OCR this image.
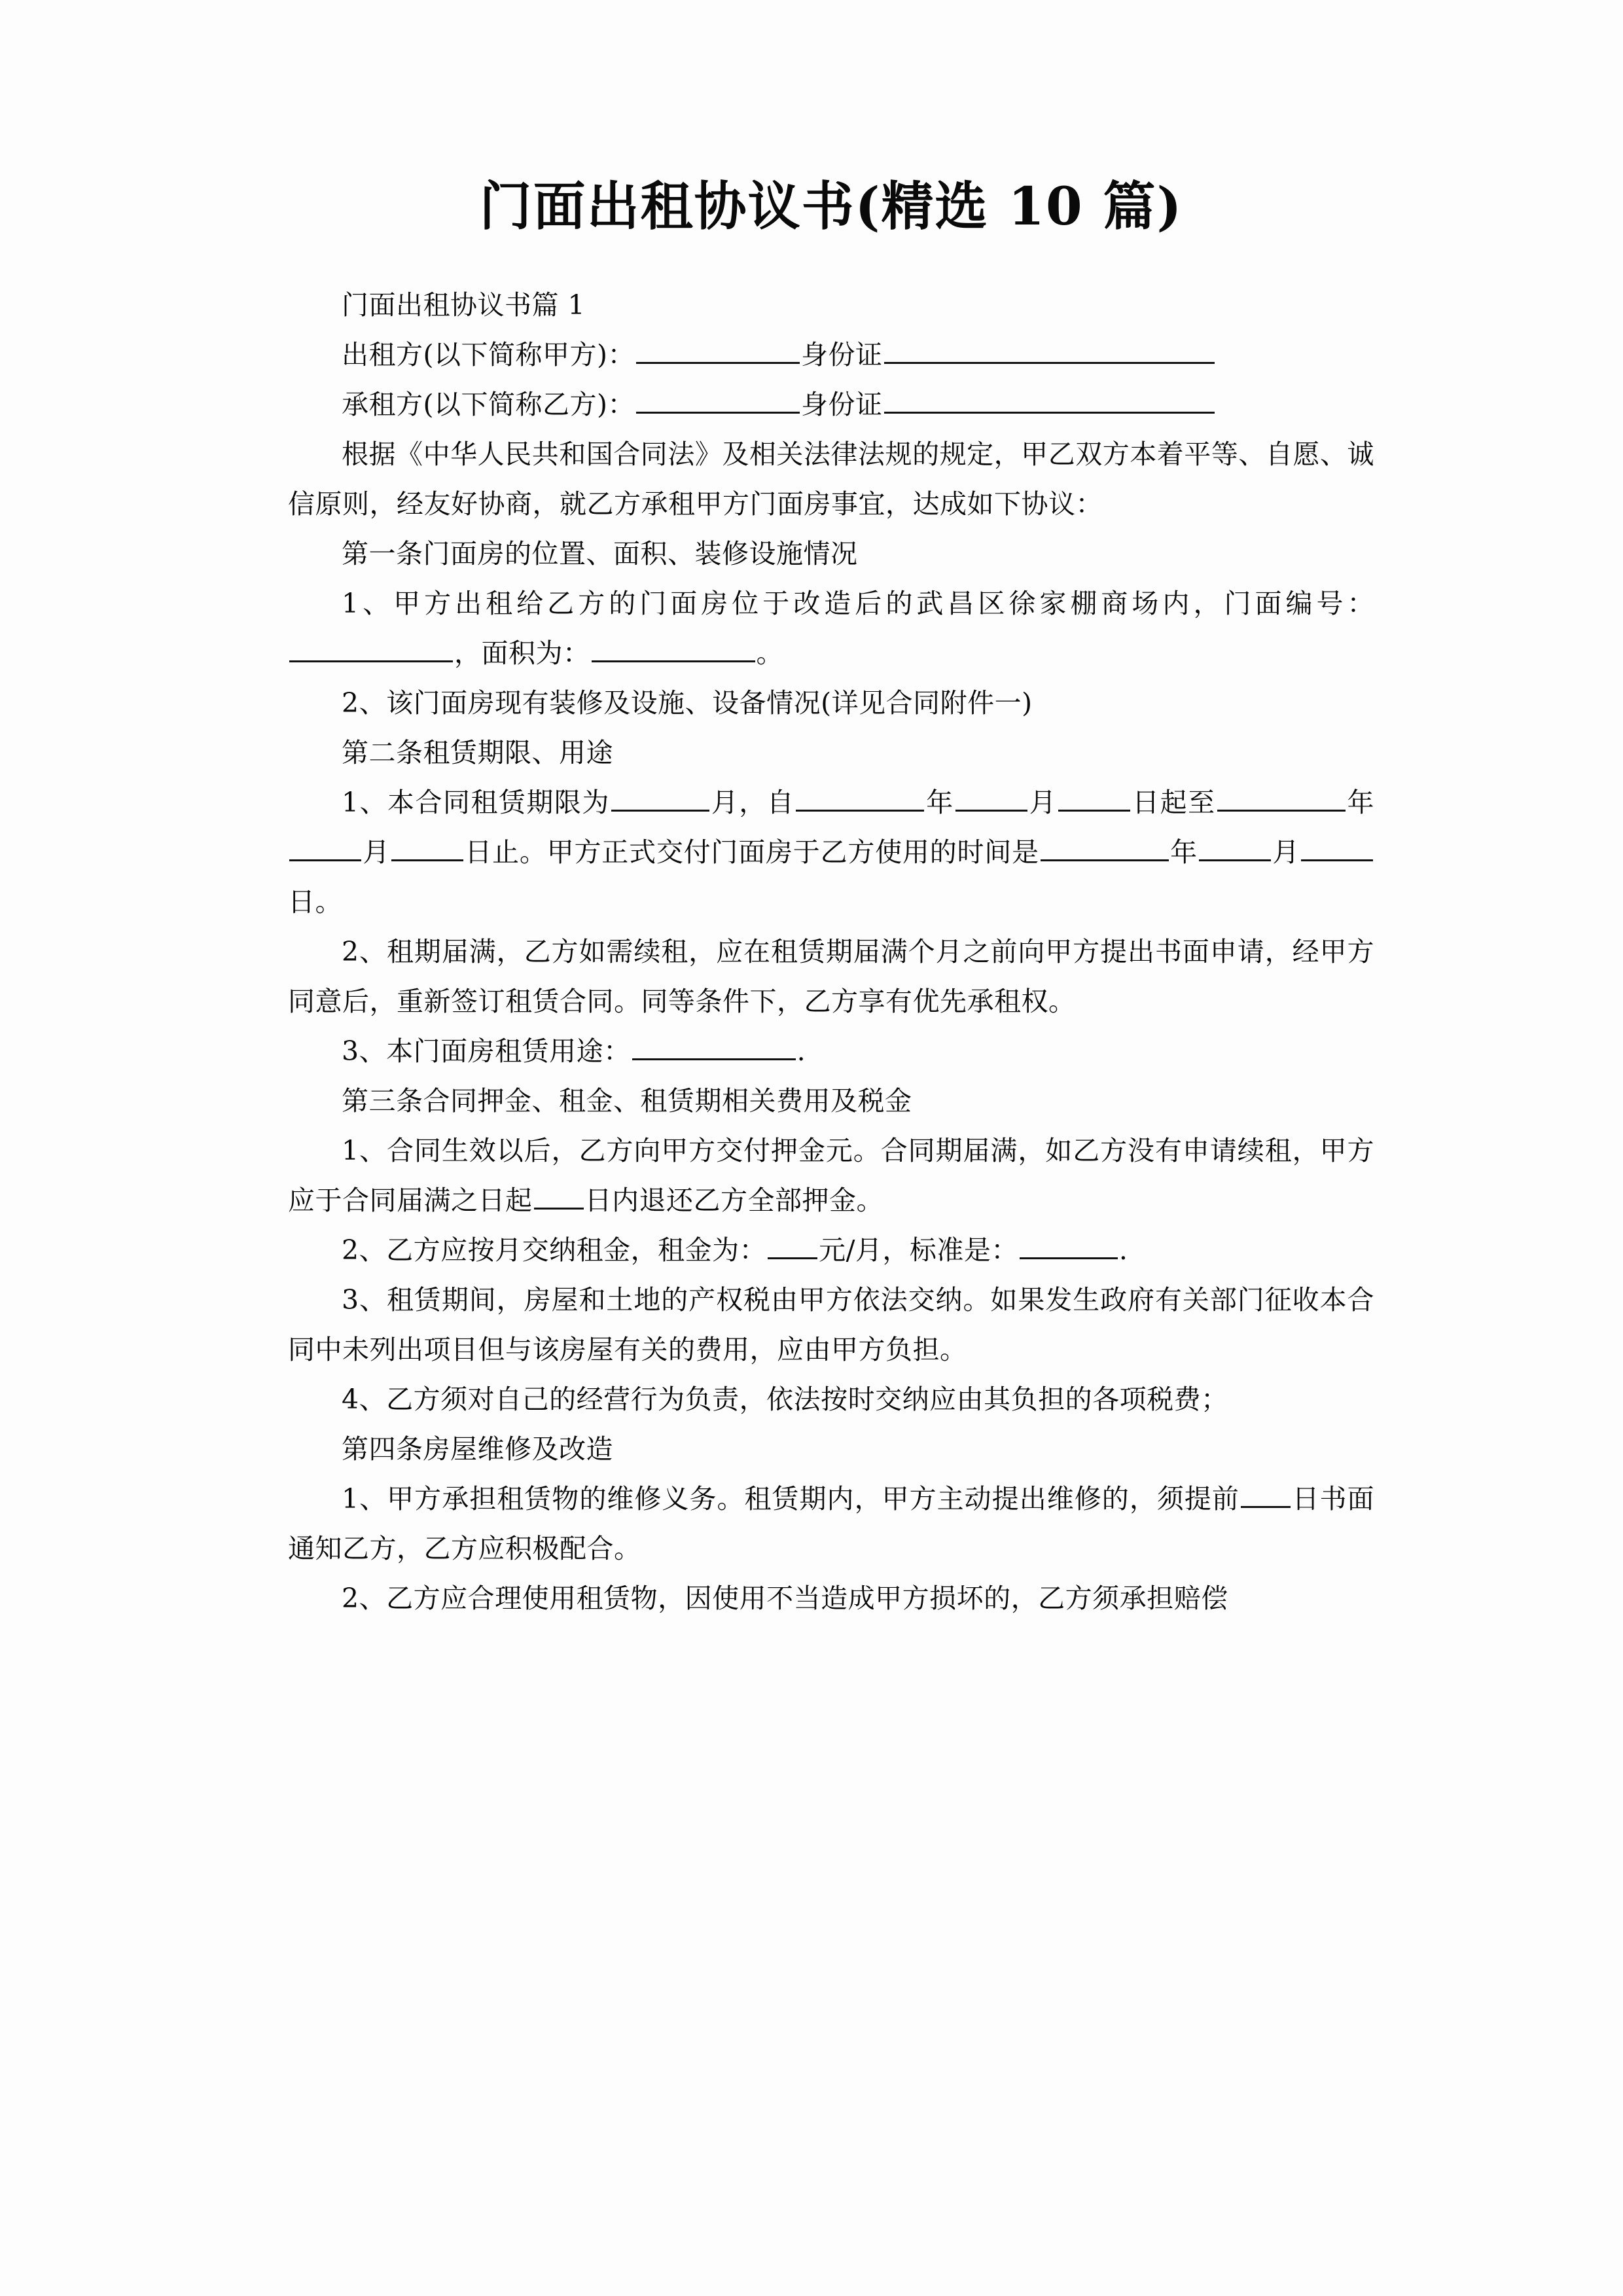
门面出租协议书(精选 10 篇)

门面出租协议书篇 1

出租方(以下简称甲方)：	身份证

承租方(以下简称乙方)：	身份证

根据《中华人民共和国合同法》及相关法律法规的规定，甲乙双方本着平等、自愿、诚信原则，经友好协商，就乙方承租甲方门面房事宜，达成如下协议：

第一条门面房的位置、面积、装修设施情况

1、甲方出租给乙方的门面房位于改造后的武昌区徐家棚商场内，门面编号：，面积为：	。

2、该门面房现有装修及设施、设备情况(详见合同附件一)

第二条租赁期限、用途

1、本合同租赁期限为	月，自	年	月	日起至	年月	日止。甲方正式交付门面房于乙方使用的时间是	年	月日。

2、租期届满，乙方如需续租，应在租赁期届满个月之前向甲方提出书面申请，经甲方同意后，重新签订租赁合同。同等条件下，乙方享有优先承租权。

3、本门面房租赁用途：	.

第三条合同押金、租金、租赁期相关费用及税金

1、合同生效以后，乙方向甲方交付押金元。合同期届满，如乙方没有申请续租，甲方应于合同届满之日起 日内退还乙方全部押金。

2、乙方应按月交纳租金，租金为： 元/月，标准是：	.

3、租赁期间，房屋和土地的产权税由甲方依法交纳。如果发生政府有关部门征收本合同中未列出项目但与该房屋有关的费用，应由甲方负担。

4、乙方须对自己的经营行为负责，依法按时交纳应由其负担的各项税费；

第四条房屋维修及改造

1、甲方承担租赁物的维修义务。租赁期内，甲方主动提出维修的，须提前 日书面通知乙方，乙方应积极配合。

2、乙方应合理使用租赁物，因使用不当造成甲方损坏的，乙方须承担赔偿
